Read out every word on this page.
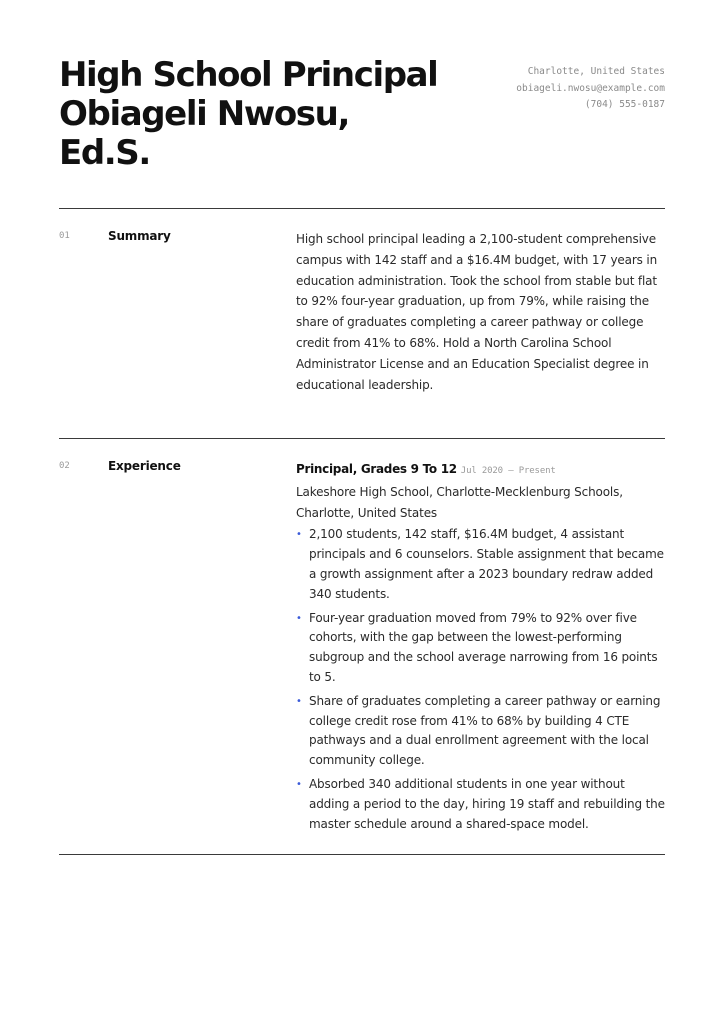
High School Principal Obiageli Nwosu, Ed.S.
Charlotte, United States
obiageli.nwosu@example.com
(704) 555-0187
01	Summary	High school principal leading a 2,100-student comprehensive campus with 142 staff and a $16.4M budget, with 17 years in education administration. Took the school from stable but flat to 92% four-year graduation, up from 79%, while raising the share of graduates completing a career pathway or college credit from 41% to 68%. Hold a North Carolina School Administrator License and an Education Specialist degree in educational leadership.

02	Experience	Principal, Grades 9 To 12 Jul 2020 – Present

Lakeshore High School, Charlotte-Mecklenburg Schools, Charlotte, United States

• 2,100 students, 142 staff, $16.4M budget, 4 assistant principals and 6 counselors. Stable assignment that became a growth assignment after a 2023 boundary redraw added 340 students.
• Four-year graduation moved from 79% to 92% over five cohorts, with the gap between the lowest-performing subgroup and the school average narrowing from 16 points to 5.
• Share of graduates completing a career pathway or earning college credit rose from 41% to 68% by building 4 CTE pathways and a dual enrollment agreement with the local community college.
• Absorbed 340 additional students in one year without adding a period to the day, hiring 19 staff and rebuilding the master schedule around a shared-space model.
